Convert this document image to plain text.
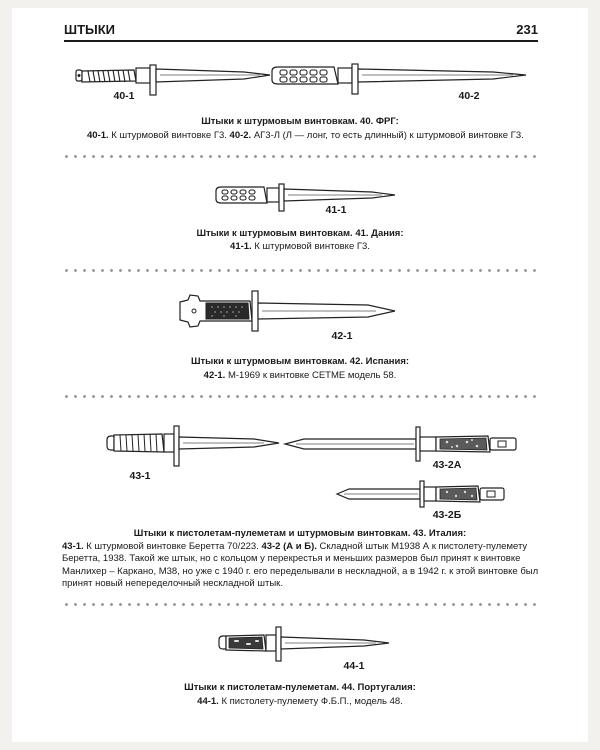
ШТЫКИ	231
40-1	40-2
Штыки к штурмовым винтовкам. 40. ФРГ:
40-1. К штурмовой винтовке Г3. 40-2. АГ3-Л (Л — лонг, то есть длинный) к штурмовой винтовке Г3.
41-1
Штыки к штурмовым винтовкам. 41. Дания:
41-1. К штурмовой винтовке Г3.
42-1
Штыки к штурмовым винтовкам. 42. Испания:
42-1. М-1969 к винтовке CETME модель 58.
43-1
43-2А
43-2Б
Штыки к пистолетам-пулеметам и штурмовым винтовкам. 43. Италия:
43-1. К штурмовой винтовке Беретта 70/223. 43-2 (А и Б). Складной штык М1938 А к пистолету-пулемету Беретта, 1938. Такой же штык, но с кольцом у перекрестья и меньших размеров был принят к винтовке Манлихер – Каркано, М38, но уже с 1940 г. его переделывали в нескладной, а в 1942 г. к этой винтовке был принят новый непеределочный нескладной штык.
44-1
Штыки к пистолетам-пулеметам. 44. Португалия:
44-1. К пистолету-пулемету Ф.Б.П., модель 48.
